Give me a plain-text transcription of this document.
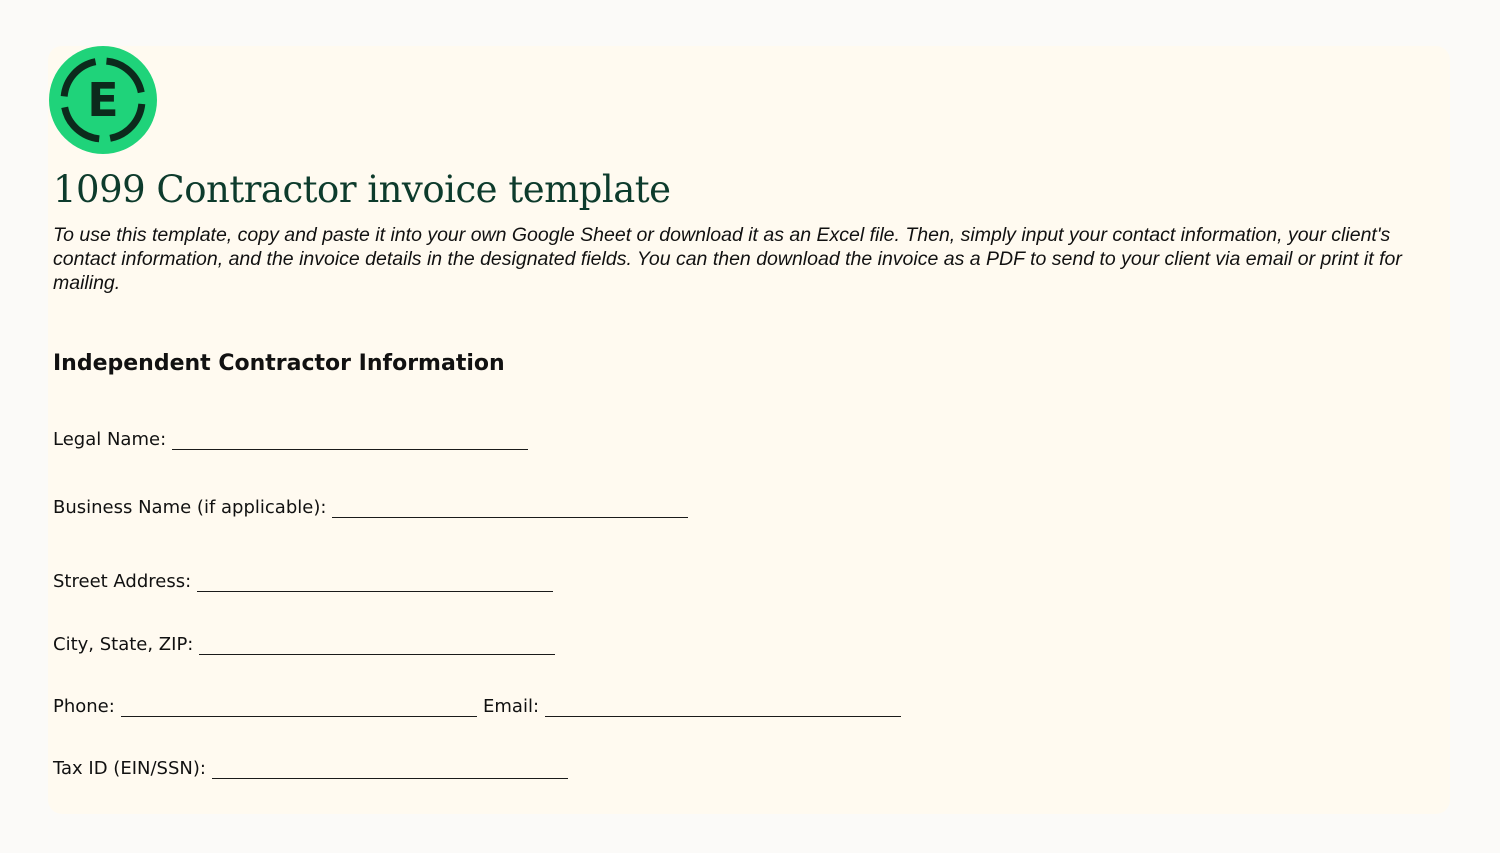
E
1099 Contractor invoice template

To use this template, copy and paste it into your own Google Sheet or download it as an Excel file. Then, simply input your contact information, your client's contact information, and the invoice details in the designated fields. You can then download the invoice as a PDF to send to your client via email or print it for mailing.

Independent Contractor Information
Legal Name:
Business Name (if applicable):
Street Address:
City, State, ZIP:
Phone:	Email:
Tax ID (EIN/SSN):
